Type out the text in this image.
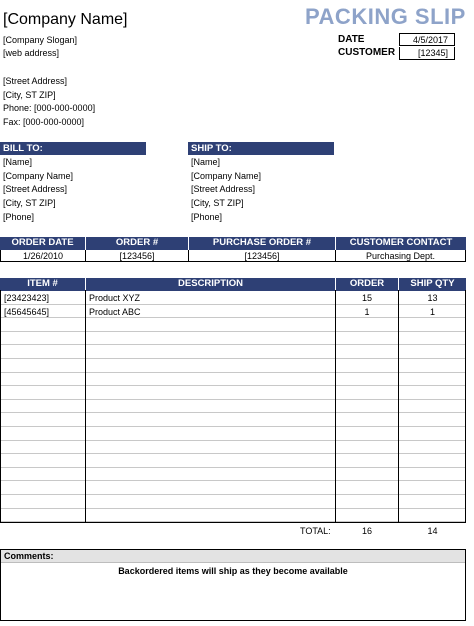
[Company Name]	PACKING SLIP
[Company Slogan]
[web address]
DATE	4/5/2017
CUSTOMER	[12345]
[Street Address]
[City, ST ZIP]
Phone: [000-000-0000]
Fax: [000-000-0000]
BILL TO:	SHIP TO:
[Name]
[Company Name]
[Street Address]
[City, ST ZIP]
[Phone]
[Name]
[Company Name]
[Street Address]
[City, ST ZIP]
[Phone]
ORDER DATE	ORDER #	PURCHASE ORDER #	CUSTOMER CONTACT
1/26/2010	[123456]	[123456]	Purchasing Dept.
ITEM #	DESCRIPTION	ORDER	SHIP QTY
[23423423]	Product XYZ	15	13
[45645645]	Product ABC	1	1
TOTAL:	16	14
Comments:
Backordered items will ship as they become available
